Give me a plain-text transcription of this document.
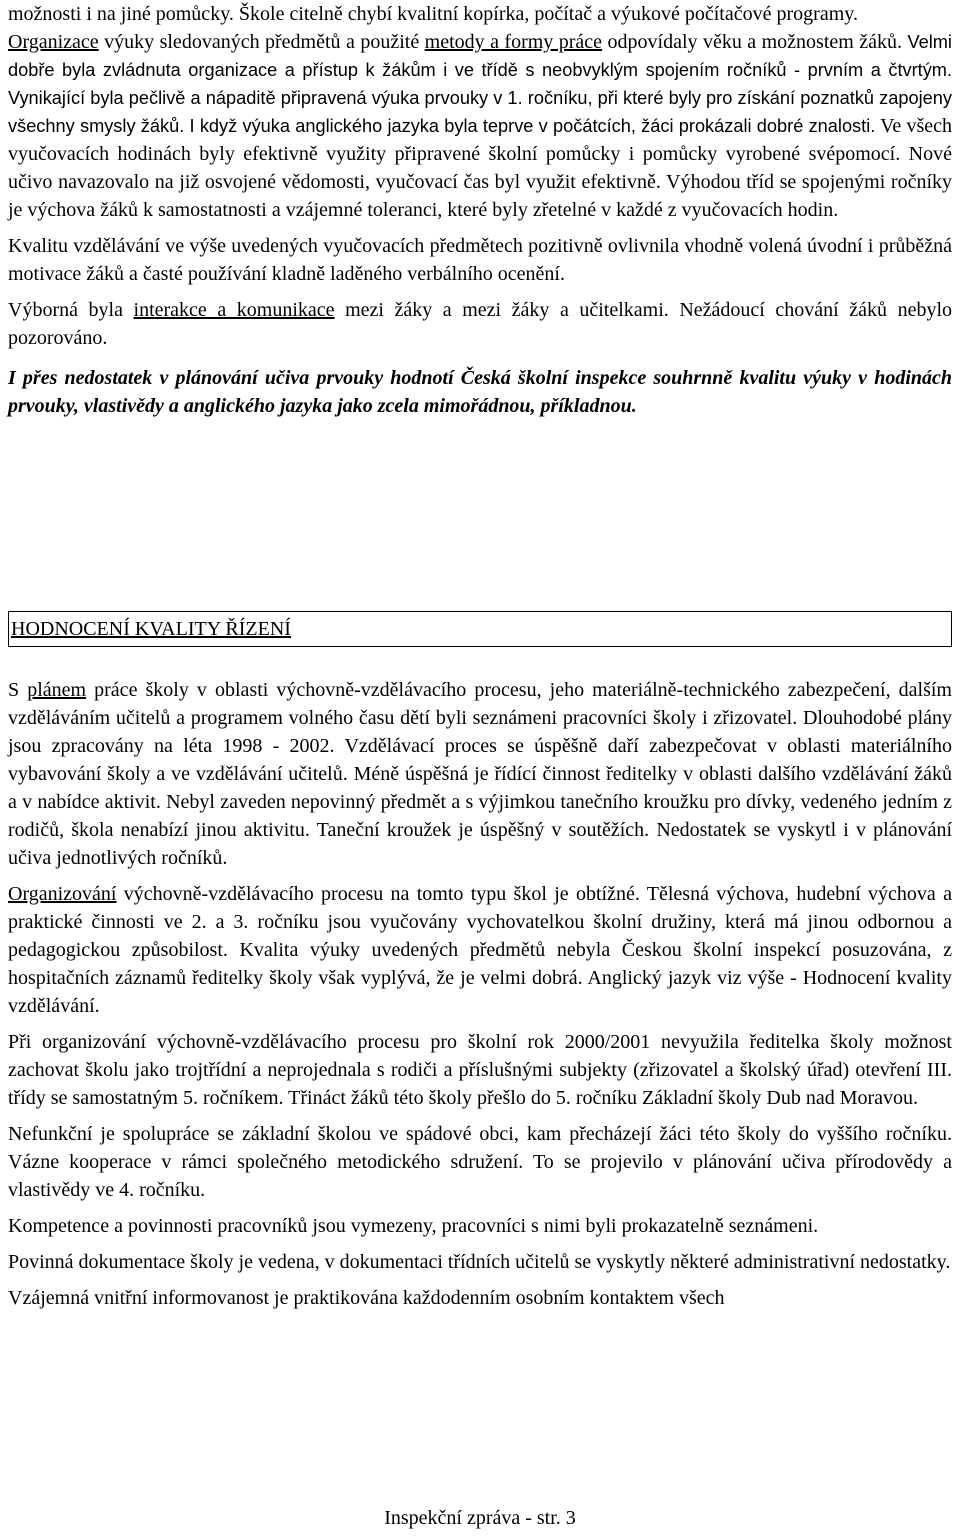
možnosti i na jiné pomůcky. Škole citelně chybí kvalitní kopírka, počítač a výukové počítačové programy.

Organizace výuky sledovaných předmětů a použité metody a formy práce odpovídaly věku a možnostem žáků. Velmi dobře byla zvládnuta organizace a přístup k žákům i ve třídě s neobvyklým spojením ročníků - prvním a čtvrtým. Vynikající byla pečlivě a nápaditě připravená výuka prvouky v 1. ročníku, při které byly pro získání poznatků zapojeny všechny smysly žáků. I když výuka anglického jazyka byla teprve v počátcích, žáci prokázali dobré znalosti. Ve všech vyučovacích hodinách byly efektivně využity připravené školní pomůcky i pomůcky vyrobené svépomocí. Nové učivo navazovalo na již osvojené vědomosti, vyučovací čas byl využit efektivně. Výhodou tříd se spojenými ročníky je výchova žáků k samostatnosti a vzájemné toleranci, které byly zřetelné v každé z vyučovacích hodin.

Kvalitu vzdělávání ve výše uvedených vyučovacích předmětech pozitivně ovlivnila vhodně volená úvodní i průběžná motivace žáků a časté používání kladně laděného verbálního ocenění.

Výborná byla interakce a komunikace mezi žáky a mezi žáky a učitelkami. Nežádoucí chování žáků nebylo pozorováno.

I přes nedostatek v plánování učiva prvouky hodnotí Česká školní inspekce souhrnně kvalitu výuky v hodinách prvouky, vlastivědy a anglického jazyka jako zcela mimořádnou, příkladnou.

HODNOCENÍ KVALITY ŘÍZENÍ

S plánem práce školy v oblasti výchovně-vzdělávacího procesu, jeho materiálně-technického zabezpečení, dalším vzděláváním učitelů a programem volného času dětí byli seznámeni pracovníci školy i zřizovatel. Dlouhodobé plány jsou zpracovány na léta 1998 - 2002. Vzdělávací proces se úspěšně daří zabezpečovat v oblasti materiálního vybavování školy a ve vzdělávání učitelů. Méně úspěšná je řídící činnost ředitelky v oblasti dalšího vzdělávání žáků a v nabídce aktivit. Nebyl zaveden nepovinný předmět a s výjimkou tanečního kroužku pro dívky, vedeného jedním z rodičů, škola nenabízí jinou aktivitu. Taneční kroužek je úspěšný v soutěžích. Nedostatek se vyskytl i v plánování učiva jednotlivých ročníků.

Organizování výchovně-vzdělávacího procesu na tomto typu škol je obtížné. Tělesná výchova, hudební výchova a praktické činnosti ve 2. a 3. ročníku jsou vyučovány vychovatelkou školní družiny, která má jinou odbornou a pedagogickou způsobilost. Kvalita výuky uvedených předmětů nebyla Českou školní inspekcí posuzována, z hospitačních záznamů ředitelky školy však vyplývá, že je velmi dobrá. Anglický jazyk viz výše - Hodnocení kvality vzdělávání.

Při organizování výchovně-vzdělávacího procesu pro školní rok 2000/2001 nevyužila ředitelka školy možnost zachovat školu jako trojtřídní a neprojednala s rodiči a příslušnými subjekty (zřizovatel a školský úřad) otevření III. třídy se samostatným 5. ročníkem. Třináct žáků této školy přešlo do 5. ročníku Základní školy Dub nad Moravou.

Nefunkční je spolupráce se základní školou ve spádové obci, kam přecházejí žáci této školy do vyššího ročníku. Vázne kooperace v rámci společného metodického sdružení. To se projevilo v plánování učiva přírodovědy a vlastivědy ve 4. ročníku.

Kompetence a povinnosti pracovníků jsou vymezeny, pracovníci s nimi byli prokazatelně seznámeni.

Povinná dokumentace školy je vedena, v dokumentaci třídních učitelů se vyskytly některé administrativní nedostatky.

Vzájemná vnitřní informovanost je praktikována každodenním osobním kontaktem všech

Inspekční zpráva - str. 3
